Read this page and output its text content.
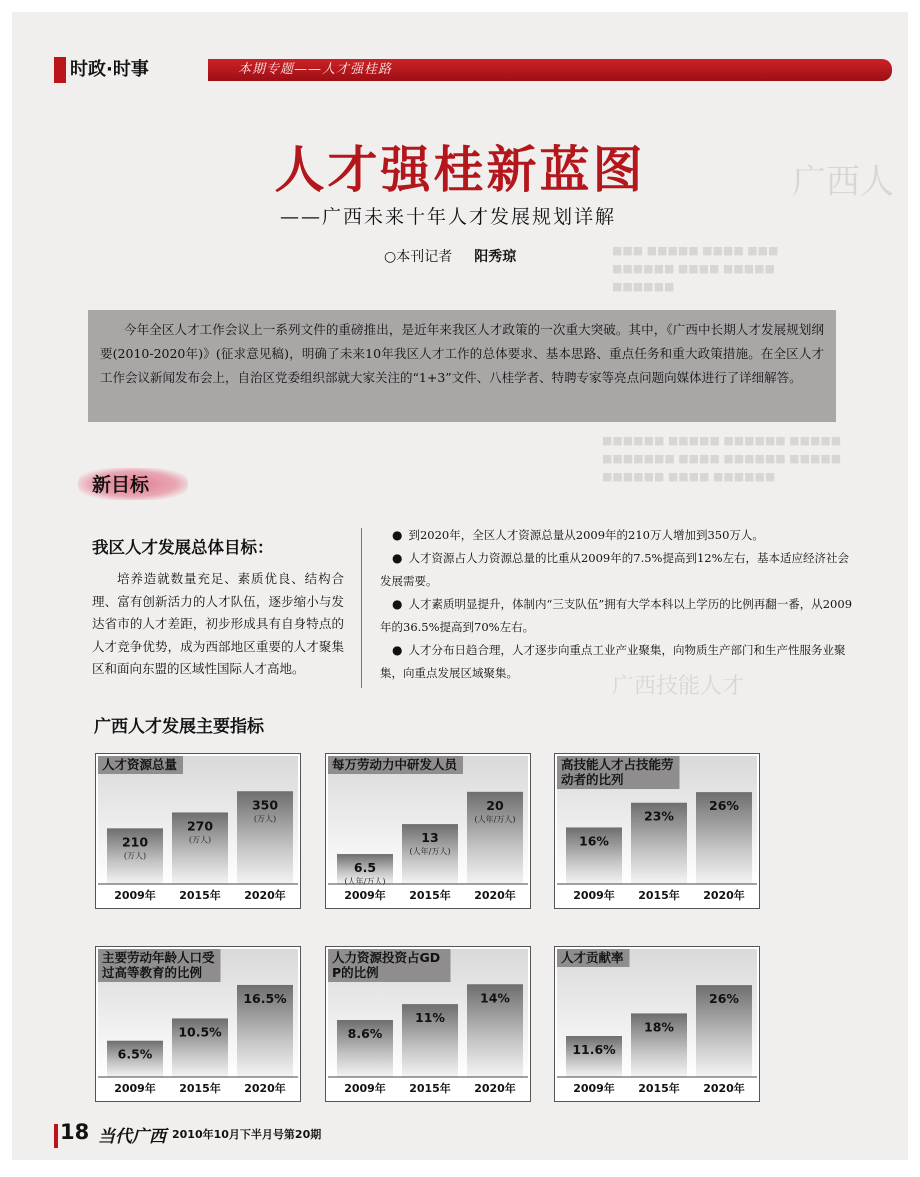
广西人
■■■ ■■■■■ ■■■■ ■■■ ■■■■■■ ■■■■ ■■■■■ ■■■■■■
■■■■■■ ■■■■■ ■■■■■■ ■■■■■ ■■■■■■■ ■■■■ ■■■■■■ ■■■■■ ■■■■■■ ■■■■ ■■■■■■
广西技能人才
时政·时事	本期专题——人才强桂路
人才强桂新蓝图
——广西未来十年人才发展规划详解
○本刊记者 阳秀琼
今年全区人才工作会议上一系列文件的重磅推出，是近年来我区人才政策的一次重大突破。其中，《广西中长期人才发展规划纲要(2010-2020年)》(征求意见稿)，明确了未来10年我区人才工作的总体要求、基本思路、重点任务和重大政策措施。在全区人才工作会议新闻发布会上，自治区党委组织部就大家关注的“1+3”文件、八桂学者、特聘专家等亮点问题向媒体进行了详细解答。
新目标
我区人才发展总体目标：
培养造就数量充足、素质优良、结构合理、富有创新活力的人才队伍，逐步缩小与发达省市的人才差距，初步形成具有自身特点的人才竞争优势，成为西部地区重要的人才聚集区和面向东盟的区域性国际人才高地。

● 到2020年，全区人才资源总量从2009年的210万人增加到350万人。

● 人才资源占人力资源总量的比重从2009年的7.5%提高到12%左右，基本适应经济社会发展需要。

● 人才素质明显提升，体制内“三支队伍”拥有大学本科以上学历的比例再翻一番，从2009年的36.5%提高到70%左右。

● 人才分布日趋合理，人才逐步向重点工业产业聚集，向物质生产部门和生产性服务业聚集，向重点发展区域聚集。

广西人才发展主要指标
人才资源总量
210
(万人)
2009年
270
(万人)
2015年
350
(万人)
2020年
每万劳动力中研发人员
6.5
(人年/万人)
2009年
13
(人年/万人)
2015年
20
(人年/万人)
2020年
高技能人才占技能劳
动者的比列
16%
2009年
23%
2015年
26%
2020年
主要劳动年龄人口受
过高等教育的比例
6.5%
2009年
10.5%
2015年
16.5%
2020年
人力资源投资占GD
P的比例
8.6%
2009年
11%
2015年
14%
2020年
人才贡献率
11.6%
2009年
18%
2015年
26%
2020年
18 当代广西 2010年10月下半月号第20期
